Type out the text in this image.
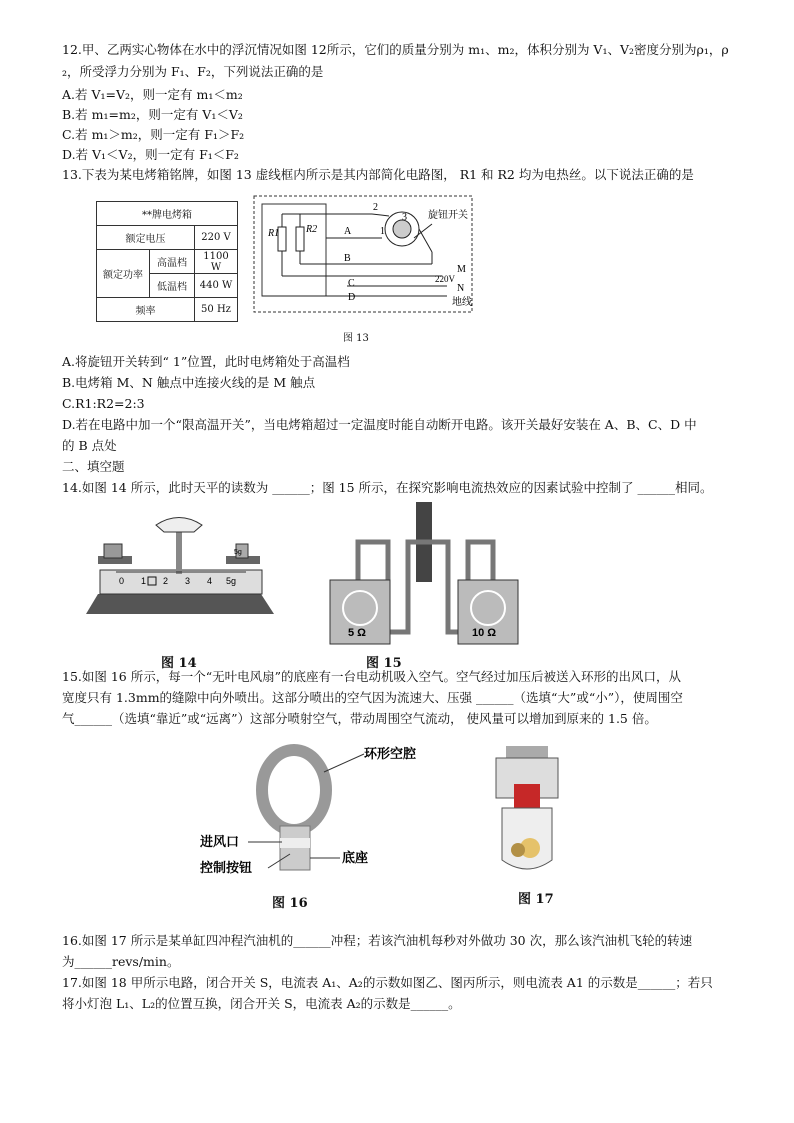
12.甲、乙两实心物体在水中的浮沉情况如图 12所示，它们的质量分别为 m₁、m₂，体积分别为 V₁、V₂密度分别为ρ₁，ρ
₂，所受浮力分别为 F₁、F₂，下列说法正确的是
A.若 V₁=V₂，则一定有 m₁＜m₂
B.若 m₁=m₂，则一定有 V₁＜V₂
C.若 m₁＞m₂，则一定有 F₁＞F₂
D.若 V₁＜V₂，则一定有 F₁＜F₂
13.下表为某电烤箱铭牌，如图 13 虚线框内所示是其内部简化电路图， R1 和 R2 均为电热丝。以下说法正确的是
**牌电烤箱		
额定电压		220 V
额定功率	高温档	1100 W
	低温档	440 W
频率		50 Hz
R1	R2	1
2
3 旋钮开关
A
B
C
D
M
N
220V
地线
图 13
A.将旋钮开关转到“ 1”位置，此时电烤箱处于高温档
B.电烤箱 M、N 触点中连接火线的是 M 触点
C.R1:R2=2:3
D.若在电路中加一个“限高温开关”，当电烤箱超过一定温度时能自动断开电路。该开关最好安装在 A、B、C、D 中
的 B 点处
二、填空题
14.如图 14 所示，此时天平的读数为 ______；图 15 所示，在探究影响电流热效应的因素试验中控制了 ______相同。
5g
0 1 2 3 4 5g
图 14
5 Ω	10 Ω
图 15
15.如图 16 所示，每一个“无叶电风扇”的底座有一台电动机吸入空气。空气经过加压后被送入环形的出风口，从
宽度只有 1.3mm的缝隙中向外喷出。这部分喷出的空气因为流速大、压强 ______（选填“大”或“小”），使周围空
气______（选填“靠近”或“远离”）这部分喷射空气，带动周围空气流动， 使风量可以增加到原来的 1.5 倍。
环形空腔
进风口
控制按钮
底座
图 16	图 17
16.如图 17 所示是某单缸四冲程汽油机的______冲程；若该汽油机每秒对外做功 30 次，那么该汽油机飞轮的转速
为______revs/min。
17.如图 18 甲所示电路，闭合开关 S，电流表 A₁、A₂的示数如图乙、图丙所示，则电流表 A1 的示数是______；若只
将小灯泡 L₁、L₂的位置互换，闭合开关 S，电流表 A₂的示数是______。
